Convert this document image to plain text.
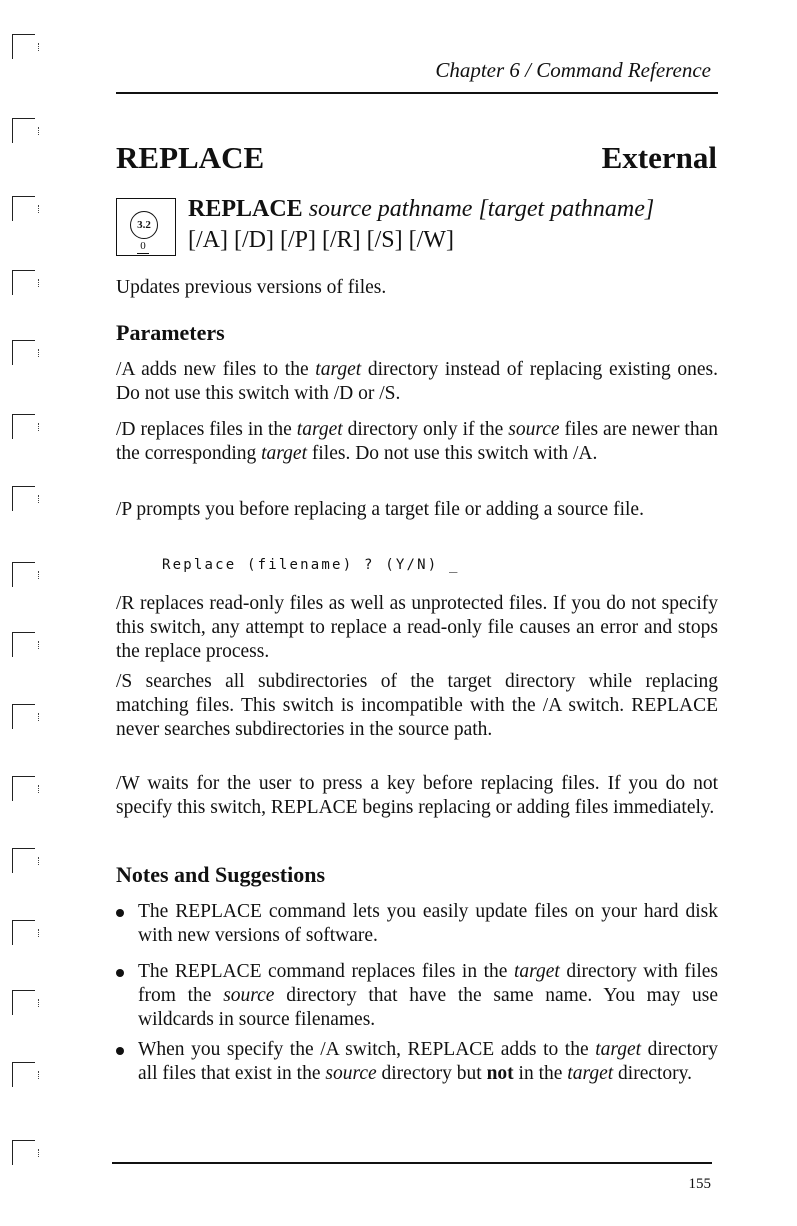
Chapter 6 / Command Reference
REPLACE	External
3.2
0
REPLACE source pathname [target pathname]
[/A] [/D] [/P] [/R] [/S] [/W]

Updates previous versions of files.

Parameters

/A adds new files to the target directory instead of replacing existing ones. Do not use this switch with /D or /S.

/D replaces files in the target directory only if the source files are newer than the corresponding target files. Do not use this switch with /A.

/P prompts you before replacing a target file or adding a source file.

Replace (filename) ? (Y/N) _

/R replaces read-only files as well as unprotected files. If you do not specify this switch, any attempt to replace a read-only file causes an error and stops the replace process.

/S searches all subdirectories of the target directory while replacing matching files. This switch is incompatible with the /A switch. REPLACE never searches subdirectories in the source path.

/W waits for the user to press a key before replacing files. If you do not specify this switch, REPLACE begins replacing or adding files immediately.

Notes and Suggestions
The REPLACE command lets you easily update files on your hard disk with new versions of software.
The REPLACE command replaces files in the target directory with files from the source directory that have the same name. You may use wildcards in source filenames.
When you specify the /A switch, REPLACE adds to the target directory all files that exist in the source directory but not in the target directory.
155
